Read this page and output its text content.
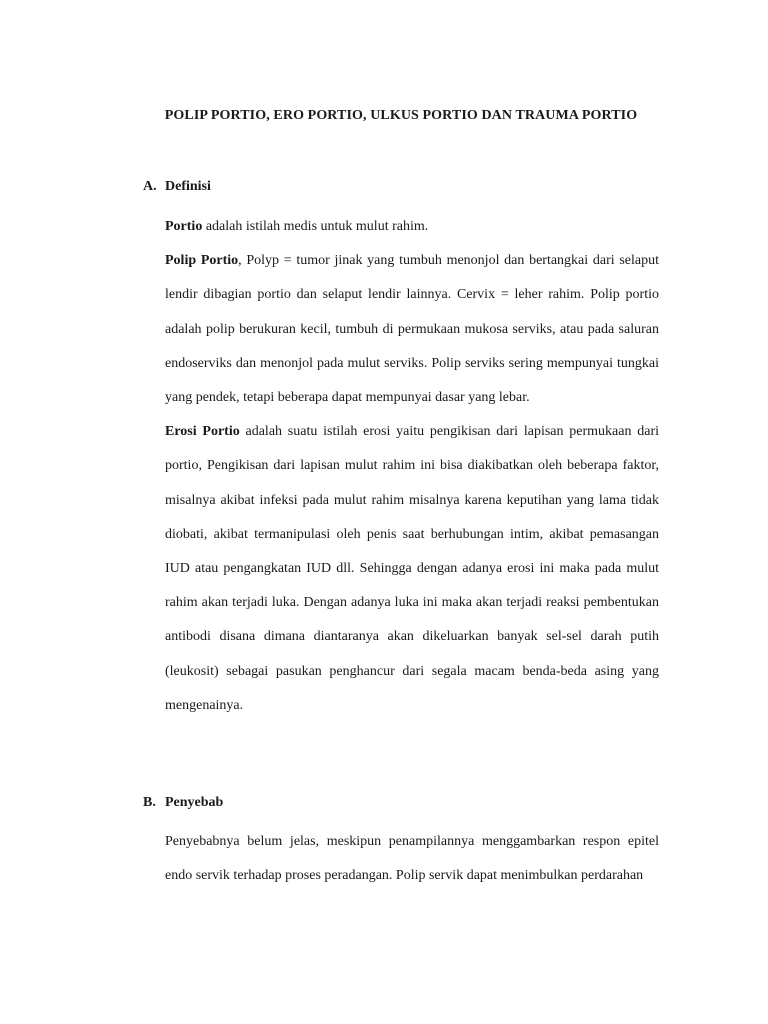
POLIP PORTIO, ERO PORTIO, ULKUS PORTIO DAN TRAUMA PORTIO
A. Definisi

Portio adalah istilah medis untuk mulut rahim.

Polip Portio, Polyp = tumor jinak yang tumbuh menonjol dan bertangkai dari selaput lendir dibagian portio dan selaput lendir lainnya. Cervix = leher rahim. Polip portio adalah polip berukuran kecil, tumbuh di permukaan mukosa serviks, atau pada saluran endoserviks dan menonjol pada mulut serviks. Polip serviks sering mempunyai tungkai yang pendek, tetapi beberapa dapat mempunyai dasar yang lebar.

Erosi Portio adalah suatu istilah erosi yaitu pengikisan dari lapisan permukaan dari portio, Pengikisan dari lapisan mulut rahim ini bisa diakibatkan oleh beberapa faktor, misalnya akibat infeksi pada mulut rahim misalnya karena keputihan yang lama tidak diobati, akibat termanipulasi oleh penis saat berhubungan intim, akibat pemasangan IUD atau pengangkatan IUD dll. Sehingga dengan adanya erosi ini maka pada mulut rahim akan terjadi luka. Dengan adanya luka ini maka akan terjadi reaksi pembentukan antibodi disana dimana diantaranya akan dikeluarkan banyak sel-sel darah putih (leukosit) sebagai pasukan penghancur dari segala macam benda-beda asing yang mengenainya.

B. Penyebab

Penyebabnya belum jelas, meskipun penampilannya menggambarkan respon epitel endo servik terhadap proses peradangan. Polip servik dapat menimbulkan perdarahan
